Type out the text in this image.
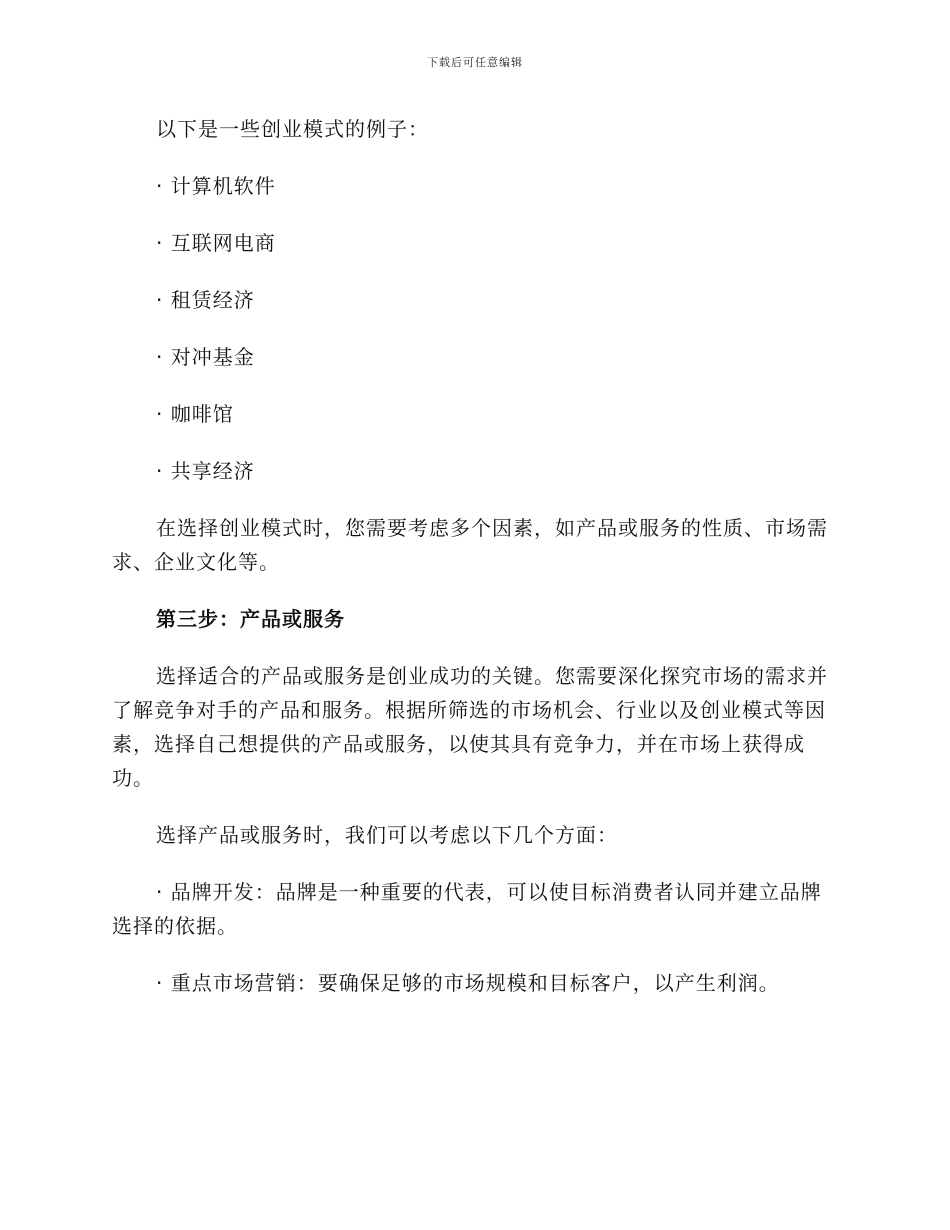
下载后可任意编辑

以下是一些创业模式的例子：

· 计算机软件

· 互联网电商

· 租赁经济

· 对冲基金

· 咖啡馆

· 共享经济

在选择创业模式时，您需要考虑多个因素，如产品或服务的性质、市场需求、企业文化等。

第三步：产品或服务

选择适合的产品或服务是创业成功的关键。您需要深化探究市场的需求并了解竞争对手的产品和服务。根据所筛选的市场机会、行业以及创业模式等因素，选择自己想提供的产品或服务，以使其具有竞争力，并在市场上获得成功。

选择产品或服务时，我们可以考虑以下几个方面：

· 品牌开发：品牌是一种重要的代表，可以使目标消费者认同并建立品牌选择的依据。

· 重点市场营销：要确保足够的市场规模和目标客户，以产生利润。
